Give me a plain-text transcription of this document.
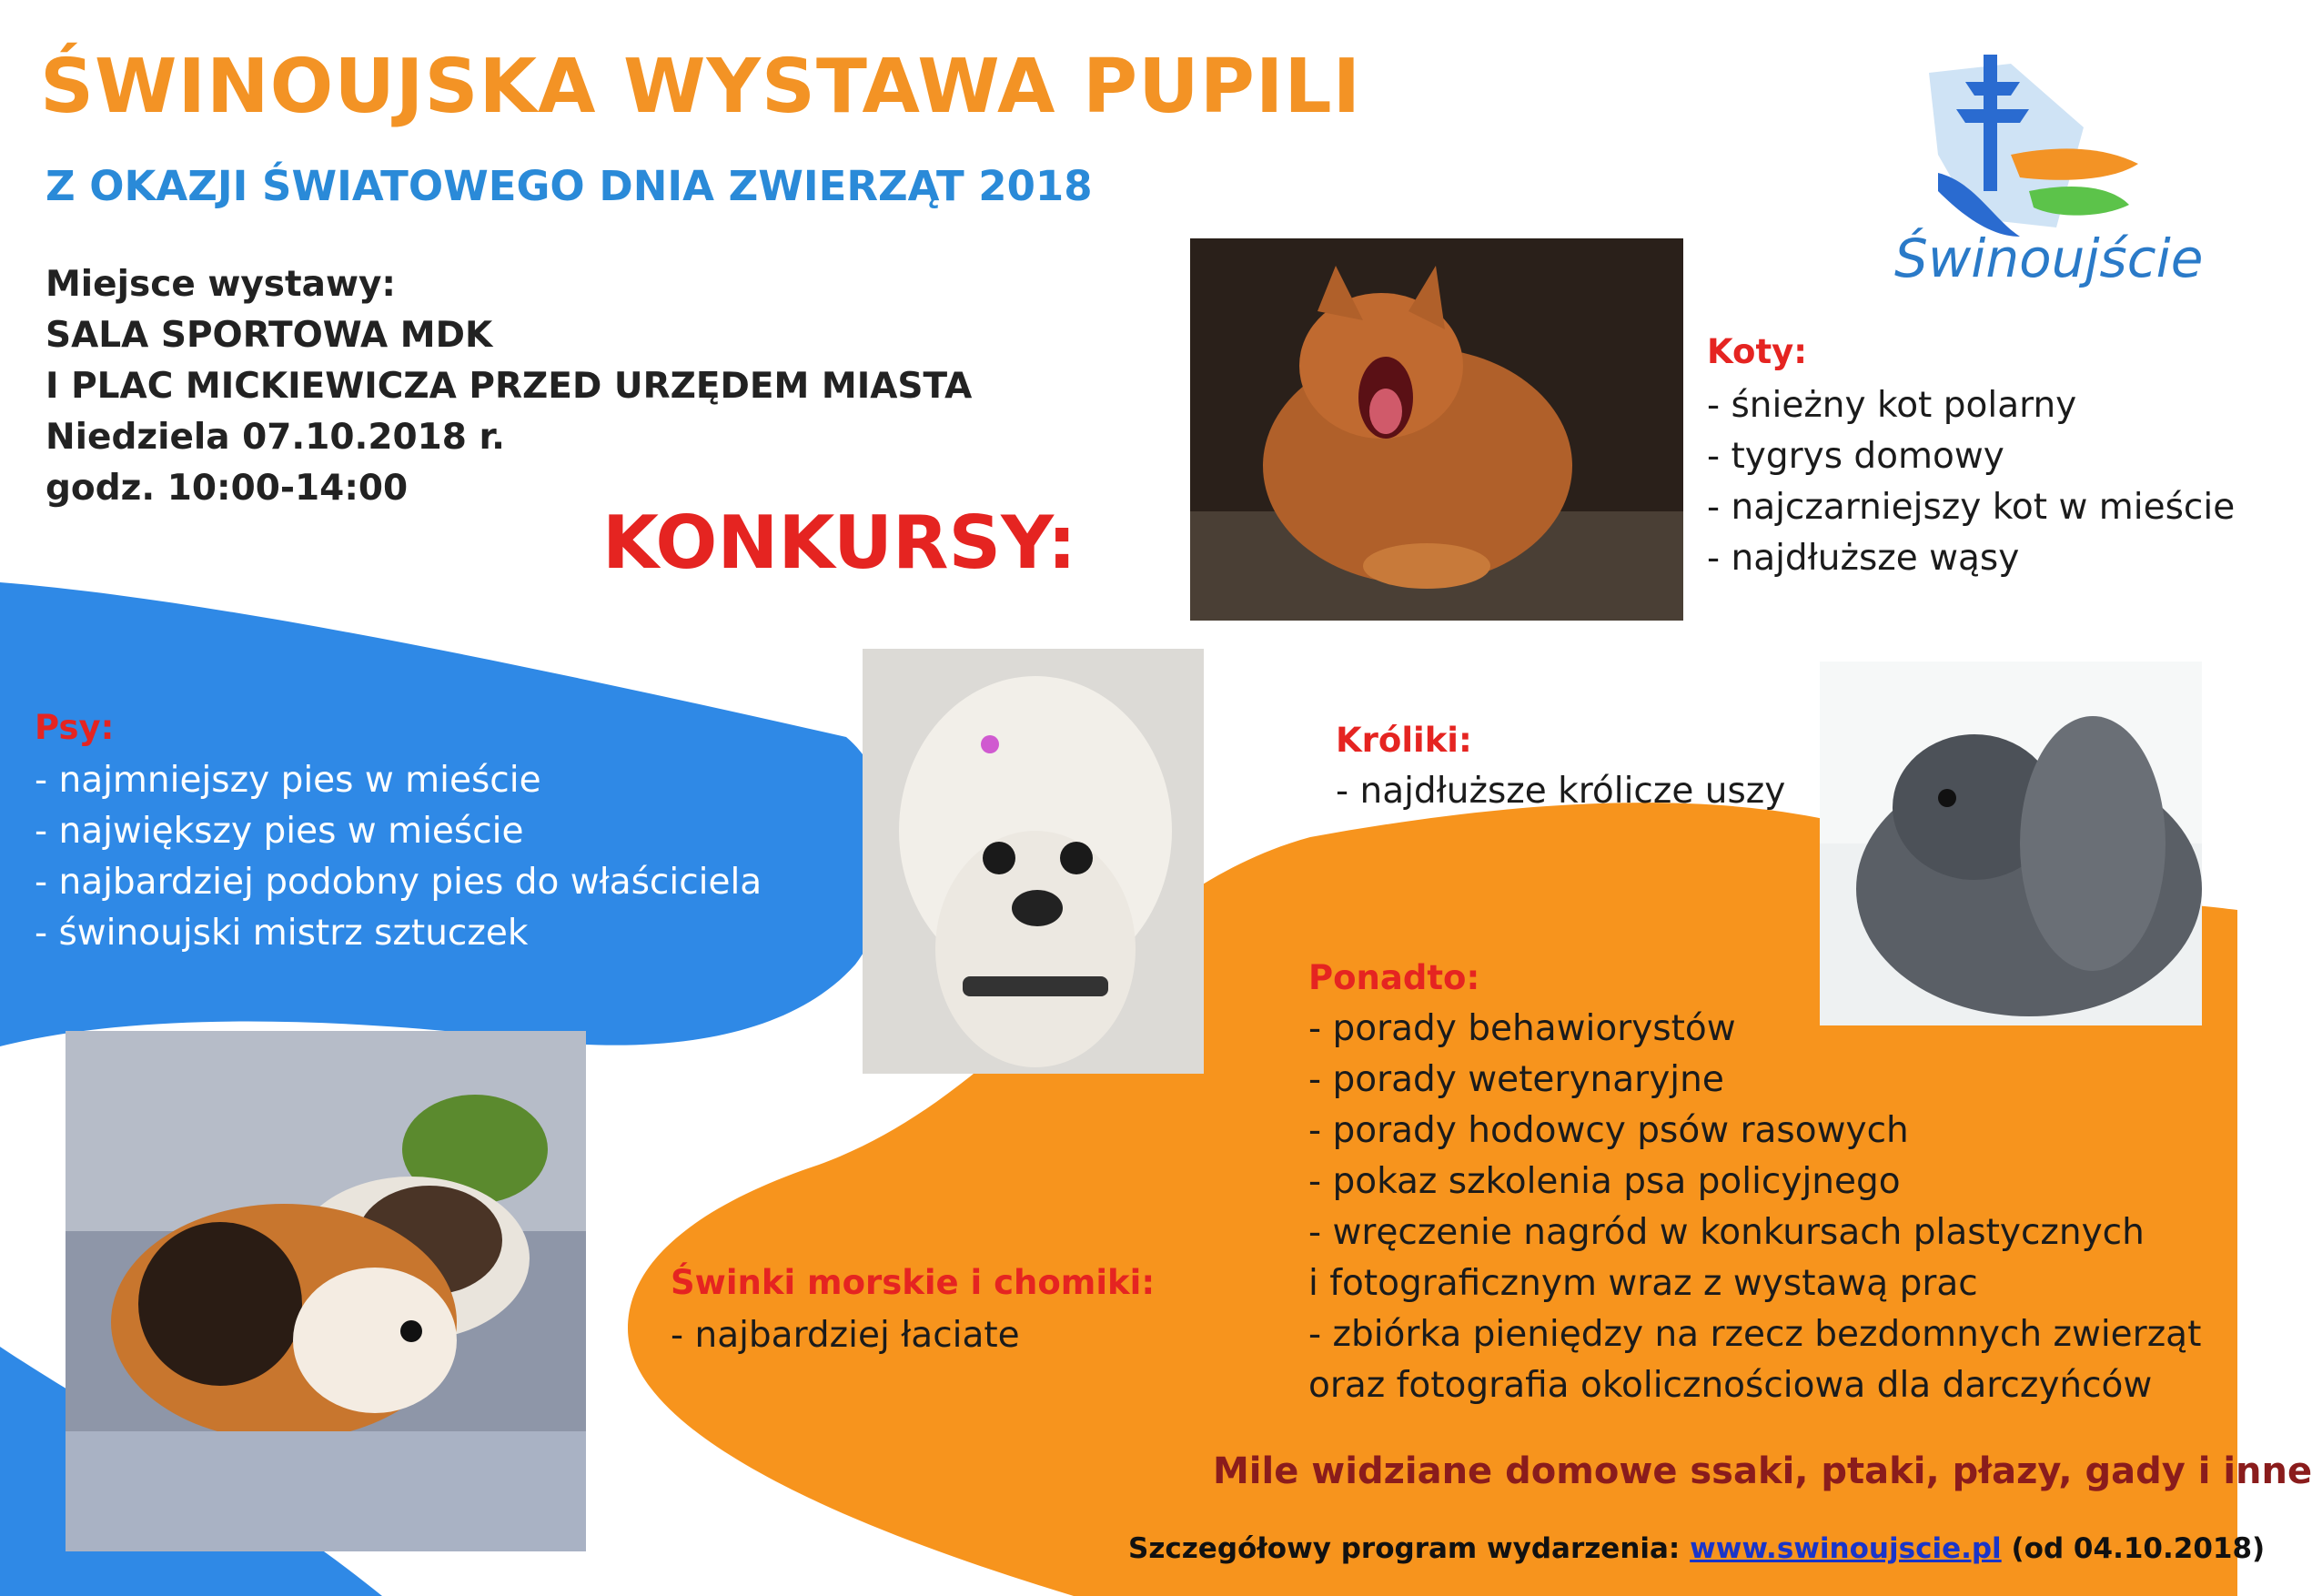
Świnoujście
ŚWINOUJSKA WYSTAWA PUPILI
Z OKAZJI ŚWIATOWEGO DNIA ZWIERZĄT 2018
Miejsce wystawy:
SALA SPORTOWA MDK
I PLAC MICKIEWICZA PRZED URZĘDEM MIASTA
Niedziela 07.10.2018 r.
godz. 10:00-14:00
KONKURSY:
Psy:
- najmniejszy pies w mieście
- największy pies w mieście
- najbardziej podobny pies do właściciela
- świnoujski mistrz sztuczek
Koty:
- śnieżny kot polarny
- tygrys domowy
- najczarniejszy kot w mieście
- najdłuższe wąsy
Króliki:
- najdłuższe królicze uszy
Ponadto:
- porady behawiorystów
- porady weterynaryjne
- porady hodowcy psów rasowych
- pokaz szkolenia psa policyjnego
- wręczenie nagród w konkursach plastycznych
i fotograficznym wraz z wystawą prac
- zbiórka pieniędzy na rzecz bezdomnych zwierząt
oraz fotografia okolicznościowa dla darczyńców
Świnki morskie i chomiki:
- najbardziej łaciate
Mile widziane domowe ssaki, ptaki, płazy, gady i inne
Szczegółowy program wydarzenia: www.swinoujscie.pl (od 04.10.2018)
